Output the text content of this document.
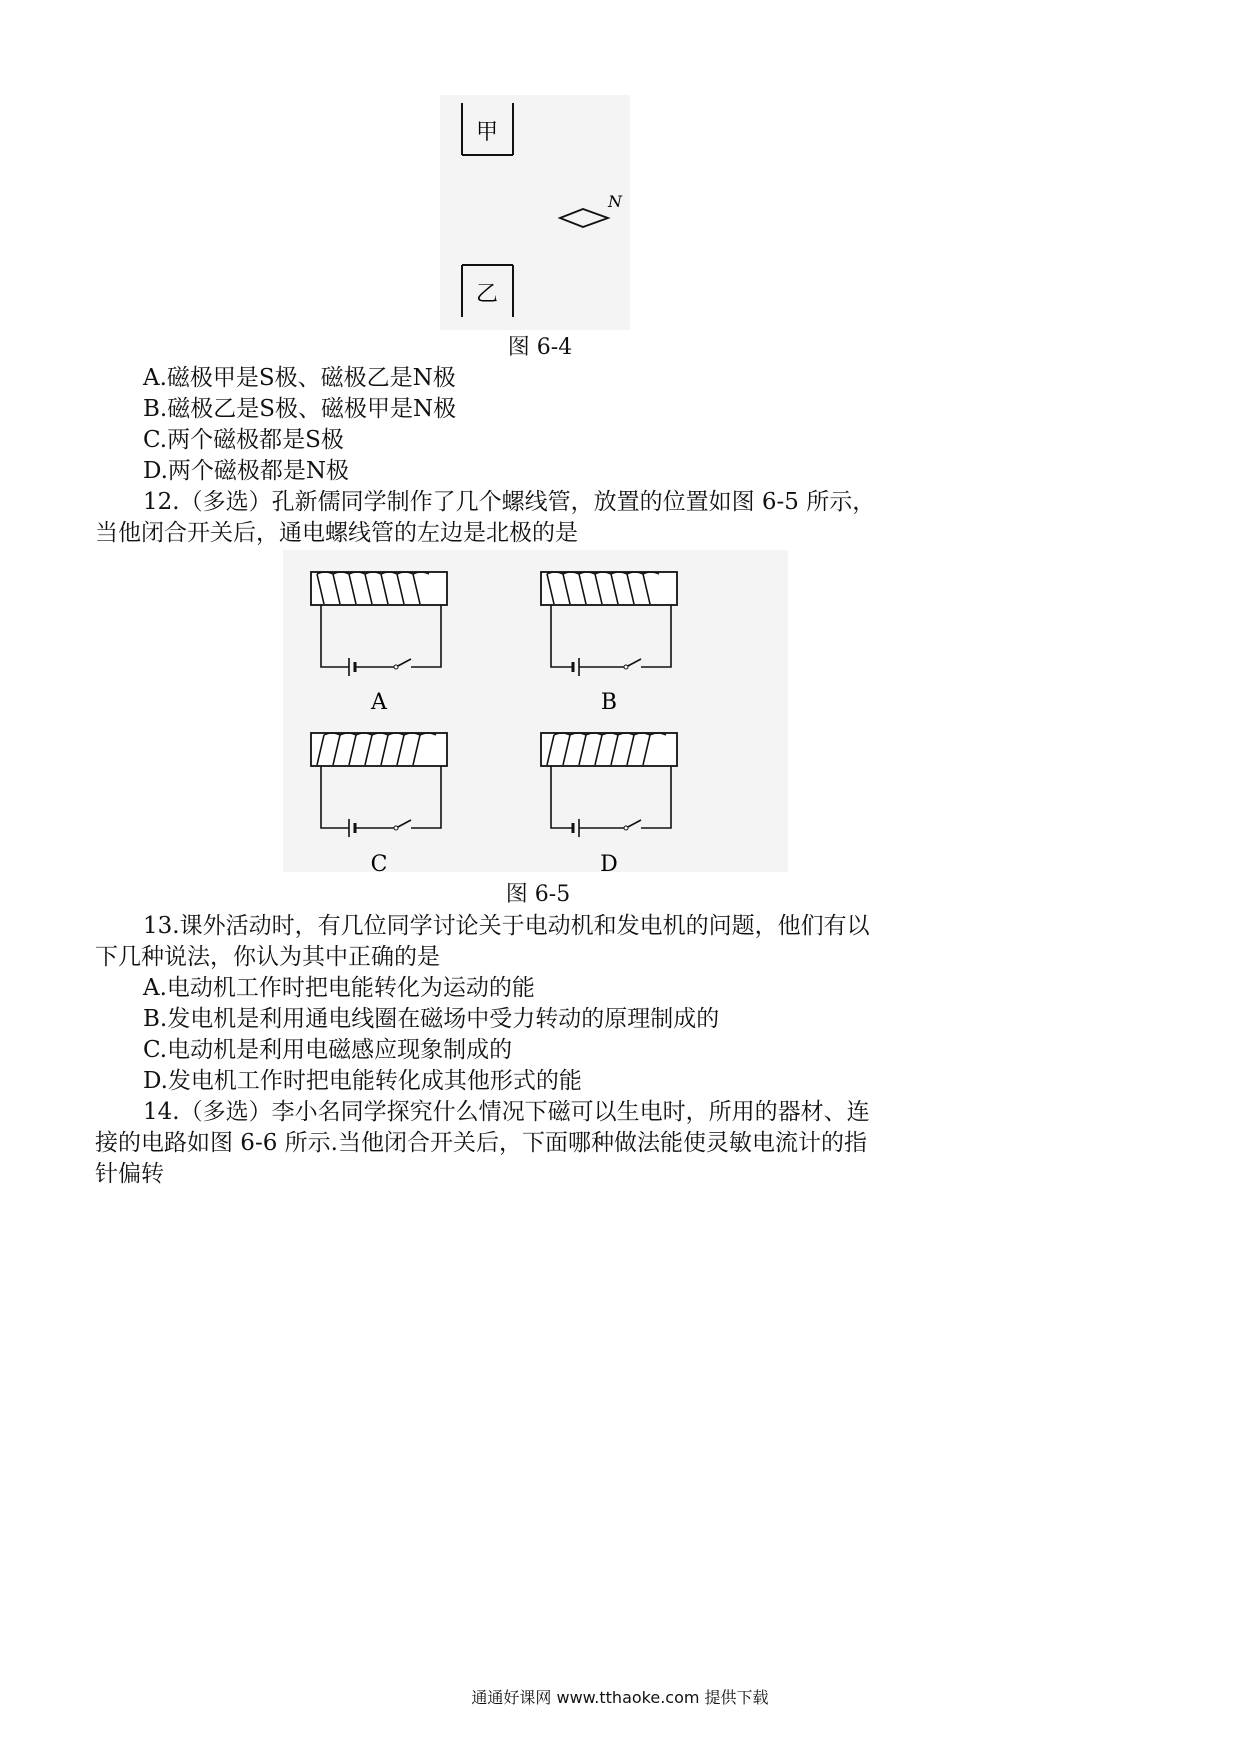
甲
N
乙
图 6-4
A.磁极甲是S极、磁极乙是N极
B.磁极乙是S极、磁极甲是N极
C.两个磁极都是S极
D.两个磁极都是N极
12.（多选）孔新儒同学制作了几个螺线管，放置的位置如图 6-5 所示，
当他闭合开关后，通电螺线管的左边是北极的是
A	B
C	D
图 6-5
13.课外活动时，有几位同学讨论关于电动机和发电机的问题，他们有以
下几种说法，你认为其中正确的是
A.电动机工作时把电能转化为运动的能
B.发电机是利用通电线圈在磁场中受力转动的原理制成的
C.电动机是利用电磁感应现象制成的
D.发电机工作时把电能转化成其他形式的能
14.（多选）李小名同学探究什么情况下磁可以生电时，所用的器材、连
接的电路如图 6-6 所示.当他闭合开关后，下面哪种做法能使灵敏电流计的指
针偏转
通通好课网 www.tthaoke.com 提供下载
